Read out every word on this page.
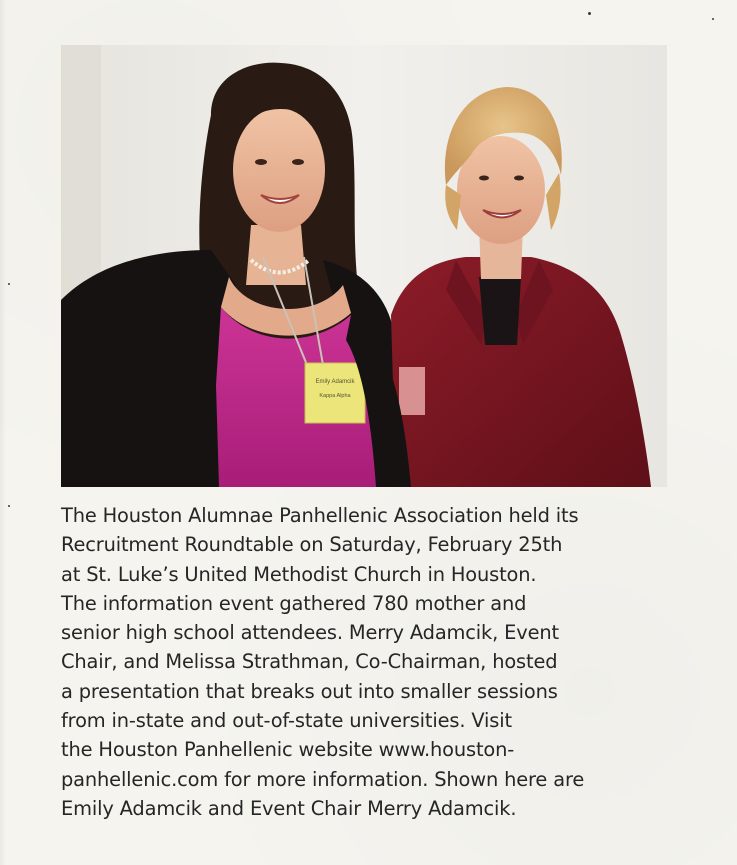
Emily Adamcik
Kappa Alpha

The Houston Alumnae Panhellenic Association held its
Recruitment Roundtable on Saturday, February 25th
at St. Luke’s United Methodist Church in Houston.
The information event gathered 780 mother and
senior high school attendees. Merry Adamcik, Event
Chair, and Melissa Strathman, Co-Chairman, hosted
a presentation that breaks out into smaller sessions
from in-state and out-of-state universities. Visit
the Houston Panhellenic website www.houston-
panhellenic.com for more information. Shown here are
Emily Adamcik and Event Chair Merry Adamcik.
